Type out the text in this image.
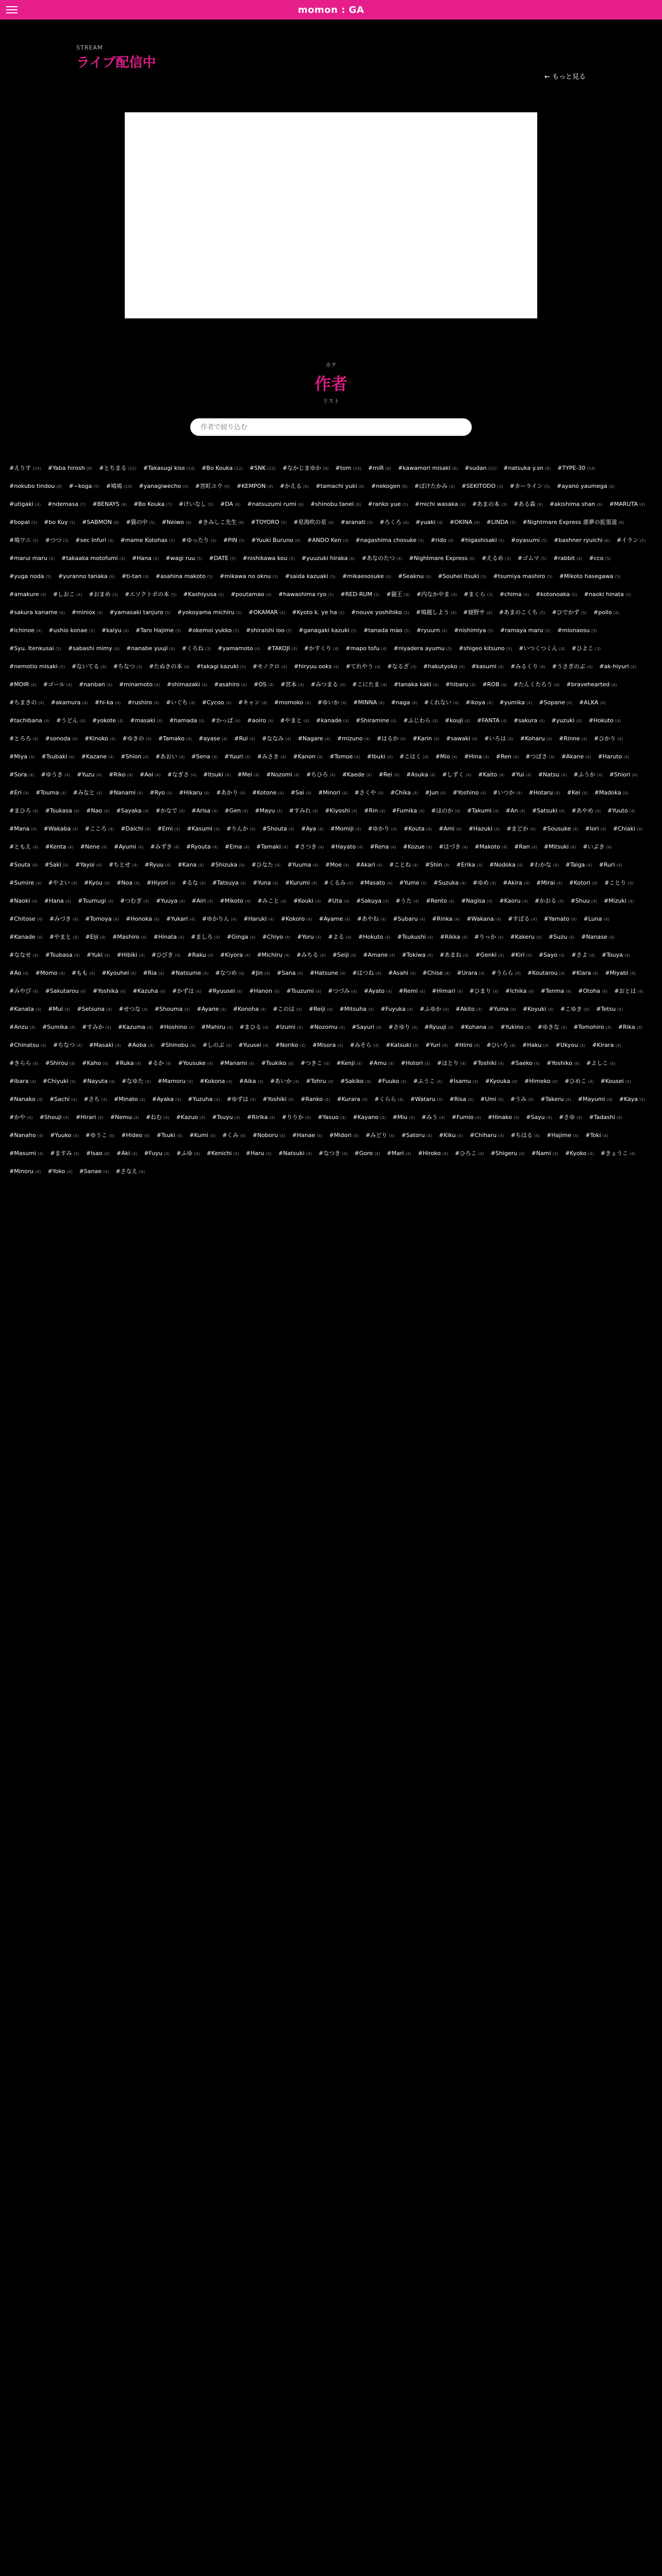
momon : GA
STREAM
ライブ配信中
← もっと見る
カテ
作者
リスト
作者で絞り込む
#えりす (24) #Yaba hirosh (8) #とちまる (12) #Takasugi kiss (14) #Bo Kouka (12) #SNK (23) #なかじまゆか (9) #tom (14) #miR (6) #kawamori misaki (6) #sudan (12) #natsuka y.sn (8) #TYPE-30 (14)
#nokubo tindou (8) #~koga (5) #鳩鳩 (19) #yanagiwecho (4) #宮町ユウ (9) #KEMPON (9) #かえる (6) #tamachi yuki (6) #nekogen (8) #ぼけたかみ (4) #SEKITODO (3) #カーライン (5) #ayano yaumega (6)
#utigaki (4) #ndemasa (7) #BENAYS (6) #Bo Kouka (7) #けいなし (5) #DA (6) #natsuzumi rumi (6) #shinobu tanei (8) #ranko yue (5) #michi wasaka (4) #あまの本 (3) #ある森 (4) #akishima shan (6) #MARUTA (4)
#bopal (5) #bo Kuy (5) #SABMON (6) #猫の中 (5) #Neiwo (4) #きみしこ先生 (6) #TOYORO (5) #星海吹の星 (4) #aranati (5) #ろくろ (6) #yuaki (4) #OKINA (4) #LINDA (5) #Nightmare Express 悪夢の拡張道 (6)
#鳩ワニ (5) #つつ (3) #sec Infuri (4) #mame Kotohas (5) #ゆったり (4) #PIN (5) #Yuuki Buruno (6) #ANDO Ken (4) #nagashima chosuke (5) #rido (4) #higashisaki (5) #oyasumi (5) #bashner ryuichi (6) #イラン (5)
#marui maru (4) #takaaka motofumi (4) #Hana (4) #wagi ruu (5) #DATE (5) #nishikawa kou (5) #yuuzuki hiraka (6) #あなのたつ (4) #Nightmare Express (6) #えるめ (3) #ゴムマ (5) #rabbit (4) #cco (5)
#yuga noda (5) #yuranno tanaka (6) #ti-tan (4) #asahina makoto (5) #mikawa no oknu (5) #saida kazuaki (5) #mikaesosuke (4) #Seaknu (4) #Souhei Itsuki (5) #tsumiya mashiro (5) #Mikoto hasegawa (5)
#amakure (4) #しおこ (4) #おまめ (3) #エソクトポの本 (5) #Kashiyusa (5) #poutamao (4) #hawashima ryo (5) #RED-RUM (5) #猫王 (4) #内なかやま (4) #まくら (3) #chima (4) #kotonoaka (5) #naoki hinata (5)
#sakura kaname (6) #miniox (4) #yamasaki tanjuro (5) #yokoyama michiru (5) #OKAMAR (4) #Kyoto k. ye ha (5) #nouve yoshihiko (5) #鳩越しよう (4) #寝野サ (4) #あまのこくち (5) #ひでかず (5) #pollo (4)
#ichinoe (4) #ushio konae (5) #kalyu (4) #Taro Hajime (5) #okemoi yukko (5) #shiraishi ioo (5) #ganagaki kazuki (5) #tanada mao (5) #ryuurn (4) #nishimiya (5) #ramaya maru (5) #mionaosu (5)
#Syu. Itenkusai (5) #sabashi mimy (4) #nanabe yuuji (4) #くろね (3) #yamamoto (4) #TAKOJI (4) #かすくり (4) #mapo tofu (4) #niyadera ayumu (5) #shigeo kitsuno (5) #いつくつくん (4) #ひよこ (3)
#nemotio misaki (5) #ないてる (4) #ちなつ (3) #たぬきの本 (4) #takagi kazuki (5) #モノクロ (4) #hiryuu ooks (4) #てれやう (4) #なるざ (3) #hakutyoko (4) #kasumi (4) #みるくり (4) #うさぎのぶ (4) #ak-hiyuri (4)
#MOIR (4) #ゴール (4) #nanban (4) #minamoto (4) #shimazaki (4) #asahiro (4) #OS (4) #宮本 (4) #みつまる (4) #こにたま (4) #tanaka kaki (4) #hibaru (4) #ROB (4) #たんくたろう (4) #bravehearted (4)
#ちまきの (4) #akamura (4) #hi-ka (4) #rushiro (4) #いぐち (4) #Cycoo (4) #キャン (4) #momoko (4) #ゆいか (4) #MINNA (4) #naga (4) #くれない (4) #ikoya (4) #yumika (4) #Sopane (4) #ALKA (4)
#tachibana (4) #うどん (4) #yokote (4) #masaki (4) #hamada (4) #かっぱ (4) #aoiro (4) #やまと (4) #kanade (4) #Shiramine (4) #ふじわら (4) #kouji (4) #FANTA (4) #sakura (4) #yuzuki (4) #Hokuto (4)
#とろろ (4) #sonoda (4) #Kinoko (4) #ゆきの (4) #Tamako (4) #ayase (4) #Rui (4) #ななみ (4) #Nagare (4) #mizuno (4) #はるか (4) #Karin (4) #sawaki (4) #いろは (4) #Koharu (4) #Rinne (4) #ひかり (4)
#Miya (4) #Tsubaki (4) #Kazane (4) #Shion (4) #あおい (4) #Sena (4) #Yuuri (4) #みさき (4) #Kanon (4) #Tomoe (4) #Ibuki (4) #こはく (4) #Mio (4) #Hina (4) #Ren (4) #つばさ (4) #Akane (4) #Haruto (4)
#Sora (4) #ゆうき (4) #Yuzu (4) #Riko (4) #Aoi (4) #なぎさ (4) #Itsuki (4) #Mei (4) #Nozomi (4) #ちひろ (4) #Kaede (4) #Rei (4) #Asuka (4) #しずく (4) #Kaito (4) #Yui (4) #Natsu (4) #ふうか (4) #Shiori (4)
#Eri (4) #Touma (4) #みなと (4) #Nanami (4) #Ryo (4) #Hikaru (4) #あかり (4) #Kotone (4) #Sai (4) #Minori (4) #さくや (4) #Chika (4) #Jun (4) #Yoshino (4) #いつか (4) #Hotaru (4) #Kei (4) #Madoka (4)
#まひろ (4) #Tsukasa (4) #Nao (4) #Sayaka (4) #かなで (4) #Arisa (4) #Gen (4) #Mayu (4) #すみれ (4) #Kiyoshi (4) #Rin (4) #Fumika (4) #ほのか (4) #Takumi (4) #An (4) #Satsuki (4) #あやめ (4) #Yuuto (4)
#Mana (4) #Wakaba (4) #こころ (4) #Daichi (4) #Emi (4) #Kasumi (4) #りんか (4) #Shouta (4) #Aya (4) #Momiji (4) #ゆかり (4) #Kouta (4) #Ami (4) #Hazuki (4) #まどか (4) #Sousuke (4) #Iori (4) #Chiaki (4)
#ともえ (4) #Kenta (4) #Nene (4) #Ayumi (4) #みずき (4) #Ryouta (4) #Ema (4) #Tamaki (4) #さつき (4) #Hayato (4) #Rena (4) #Kozue (4) #はづき (4) #Makoto (4) #Ran (4) #Mitsuki (4) #いぶき (4)
#Souta (4) #Saki (4) #Yayoi (4) #ちとせ (4) #Ryuu (4) #Kana (4) #Shizuka (4) #ひなた (4) #Yuuma (4) #Moe (4) #Akari (4) #ことね (4) #Shin (4) #Erika (4) #Nodoka (4) #わかな (4) #Taiga (4) #Ruri (4)
#Sumire (4) #やよい (4) #Kyou (4) #Noa (4) #Hiyori (4) #るな (4) #Tatsuya (4) #Yuna (4) #Kurumi (4) #くるみ (4) #Masato (4) #Yume (4) #Suzuka (4) #ゆめ (4) #Akira (4) #Mirai (4) #Kotori (4) #ことり (4)
#Naoki (4) #Hana (4) #Tsumugi (4) #つむぎ (4) #Yuuya (4) #Airi (4) #Mikoto (4) #みこと (4) #Kouki (4) #Uta (4) #Sakuya (4) #うた (4) #Rento (4) #Nagisa (4) #Kaoru (4) #かおる (4) #Shuu (4) #Mizuki (4)
#Chitose (4) #みづき (4) #Tomoya (4) #Honoka (4) #Yukari (4) #ゆかりん (4) #Haruki (4) #Kokoro (4) #Ayame (4) #あやね (4) #Subaru (4) #Rinka (4) #Wakana (4) #すばる (4) #Yamato (4) #Luna (4)
#Kanade (4) #やまと (4) #Eiji (4) #Mashiro (4) #Hinata (4) #ましろ (4) #Ginga (4) #Chiyo (4) #Yoru (4) #よる (4) #Hokuto (4) #Tsukushi (4) #Rikka (4) #りっか (4) #Kakeru (4) #Suzu (4) #Nanase (4)
#ななせ (4) #Tsubasa (4) #Yuki (4) #Hibiki (4) #ひびき (4) #Raku (4) #Kiyora (4) #Michiru (4) #みちる (4) #Seiji (4) #Amane (4) #Tokiwa (4) #あまね (4) #Genki (4) #Kiri (4) #Sayo (4) #さよ (4) #Touya (4)
#Ao (4) #Momo (4) #もも (4) #Kyouhei (4) #Ria (4) #Natsume (4) #なつめ (4) #Jin (4) #Sana (4) #Hatsune (4) #はつね (4) #Asahi (4) #Chise (4) #Urara (4) #うらら (4) #Koutarou (4) #Kiara (4) #Miyabi (4)
#みやび (4) #Sakutarou (4) #Yoshika (4) #Kazuha (4) #かずは (4) #Ryuusei (4) #Hanon (4) #Tsuzumi (4) #つづみ (4) #Ayato (4) #Remi (4) #Himari (4) #ひまり (4) #Ichika (4) #Tenma (4) #Otoha (4) #おとは (4)
#Kanata (4) #Mui (4) #Setsuna (4) #せつな (4) #Shouma (4) #Ayane (4) #Konoha (4) #このは (4) #Reiji (4) #Mitsuha (4) #Fuyuka (4) #ふゆか (4) #Akito (4) #Yuina (4) #Koyuki (4) #こゆき (4) #Tetsu (4)
#Anzu (4) #Sumika (4) #すみか (4) #Kazuma (4) #Hoshino (4) #Mahiru (4) #まひる (4) #Izumi (4) #Nozomu (4) #Sayuri (4) #さゆり (4) #Ryuuji (4) #Kohana (4) #Yukino (4) #ゆきな (4) #Tomohiro (4) #Rika (4)
#Chinatsu (4) #ちなつ (4) #Masaki (4) #Aoba (4) #Shinobu (4) #しのぶ (4) #Yuusei (4) #Noriko (4) #Misora (4) #みそら (4) #Katsuki (4) #Yuri (4) #Hiiro (4) #ひいろ (4) #Haku (4) #Ukyou (4) #Kirara (4)
#きらら (4) #Shirou (4) #Kaho (4) #Ruka (4) #るか (4) #Yousuke (4) #Manami (4) #Tsukiko (4) #つきこ (4) #Kenji (4) #Amu (4) #Hotori (4) #ほとり (4) #Toshiki (4) #Saeko (4) #Yoshiko (4) #よしこ (4)
#Ibara (4) #Chiyuki (4) #Nayuta (4) #なゆた (4) #Mamoru (4) #Kokona (4) #Aika (4) #あいか (4) #Tohru (4) #Sakiko (4) #Fuuko (4) #ふうこ (4) #Isamu (4) #Kyouka (4) #Himeko (4) #ひめこ (4) #Kousei (4)
#Nanako (4) #Sachi (4) #さち (4) #Minato (4) #Ayaka (4) #Yuzuha (4) #ゆずは (4) #Yoshiki (4) #Ranko (4) #Kurara (4) #くらら (4) #Wataru (4) #Risa (4) #Umi (4) #うみ (4) #Takeru (4) #Mayumi (4) #Kaya (4)
#かや (4) #Shouji (4) #Hirari (4) #Nemu (4) #ねむ (4) #Kazuo (4) #Tsuyu (4) #Ririka (4) #りりか (4) #Yasuo (4) #Kayano (4) #Miu (4) #みう (4) #Fumio (4) #Hinako (4) #Sayu (4) #さゆ (4) #Tadashi (4)
#Nanaho (4) #Yuuko (4) #ゆうこ (4) #Hideo (4) #Tsuki (4) #Kumi (4) #くみ (4) #Noboru (4) #Hanae (4) #Midori (4) #みどり (4) #Satoru (4) #Kiku (4) #Chiharu (4) #ちはる (4) #Hajime (4) #Toki (4)
#Masumi (4) #ますみ (4) #Isao (4) #Aki (4) #Fuyu (4) #ふゆ (4) #Kenichi (4) #Haru (4) #Natsuki (4) #なつき (4) #Goro (4) #Mari (4) #Hiroko (4) #ひろこ (4) #Shigeru (4) #Nami (4) #Kyoko (4) #きょうこ (4)
#Minoru (4) #Yoko (4) #Sanae (4) #さなえ (4)
